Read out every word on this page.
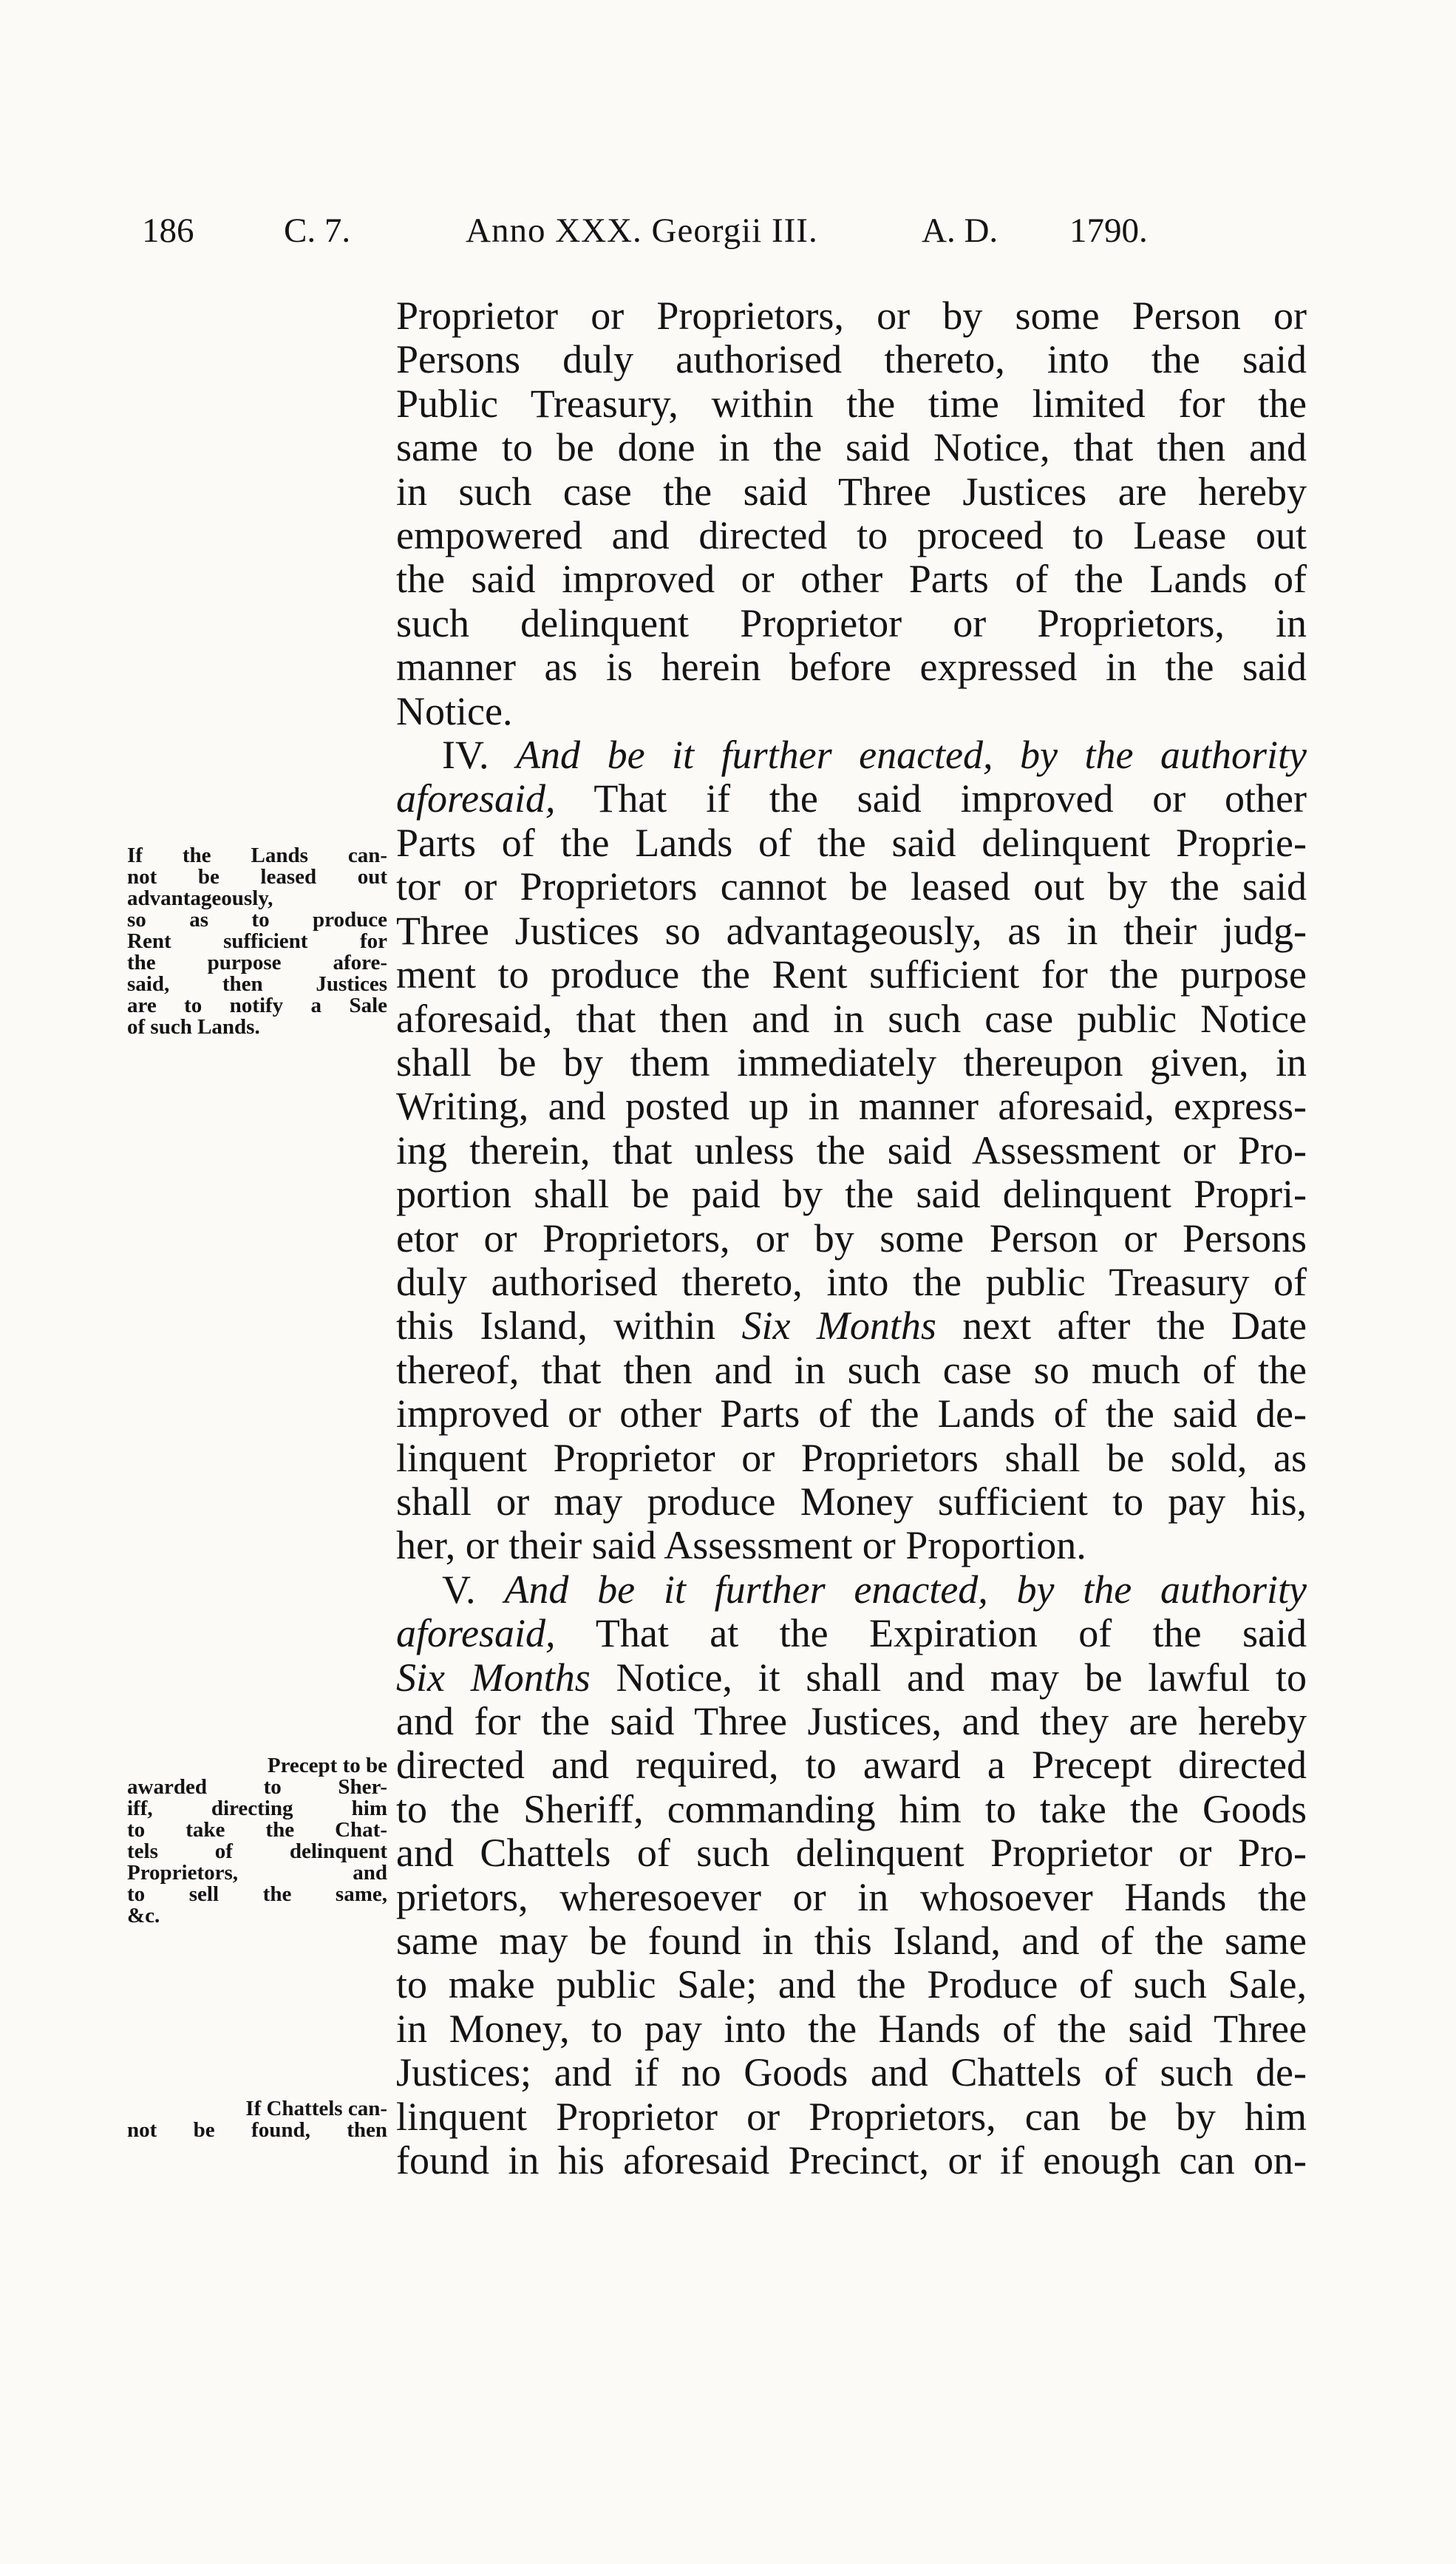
186	C. 7.	Anno XXX. Georgii III.	A. D. 1790.

Proprietor or Proprietors, or by some Person or
Persons duly authorised thereto, into the said
Public Treasury, within the time limited for the
same to be done in the said Notice, that then and
in such case the said Three Justices are hereby
empowered and directed to proceed to Lease out
the said improved or other Parts of the Lands of
such delinquent Proprietor or Proprietors, in
manner as is herein before expressed in the said
Notice.

IV. And be it further enacted, by the authority
aforesaid, That if the said improved or other
Parts of the Lands of the said delinquent Proprie-
tor or Proprietors cannot be leased out by the said
Three Justices so advantageously, as in their judg-
ment to produce the Rent sufficient for the purpose
aforesaid, that then and in such case public Notice
shall be by them immediately thereupon given, in
Writing, and posted up in manner aforesaid, express-
ing therein, that unless the said Assessment or Pro-
portion shall be paid by the said delinquent Propri-
etor or Proprietors, or by some Person or Persons
duly authorised thereto, into the public Treasury of
this Island, within Six Months next after the Date
thereof, that then and in such case so much of the
improved or other Parts of the Lands of the said de-
linquent Proprietor or Proprietors shall be sold, as
shall or may produce Money sufficient to pay his,
her, or their said Assessment or Proportion.

V. And be it further enacted, by the authority
aforesaid, That at the Expiration of the said
Six Months Notice, it shall and may be lawful to
and for the said Three Justices, and they are hereby
directed and required, to award a Precept directed
to the Sheriff, commanding him to take the Goods
and Chattels of such delinquent Proprietor or Pro-
prietors, wheresoever or in whosoever Hands the
same may be found in this Island, and of the same
to make public Sale; and the Produce of such Sale,
in Money, to pay into the Hands of the said Three
Justices; and if no Goods and Chattels of such de-
linquent Proprietor or Proprietors, can be by him
found in his aforesaid Precinct, or if enough can on-

If the Lands can-
not be leased out
advantageously,
so as to produce
Rent sufficient for
the purpose afore-
said, then Justices
are to notify a Sale
of such Lands.
Precept to be
awarded to Sher-
iff, directing him
to take the Chat-
tels of delinquent
Proprietors, and
to sell the same,
&c.
If Chattels can-
not be found, then
